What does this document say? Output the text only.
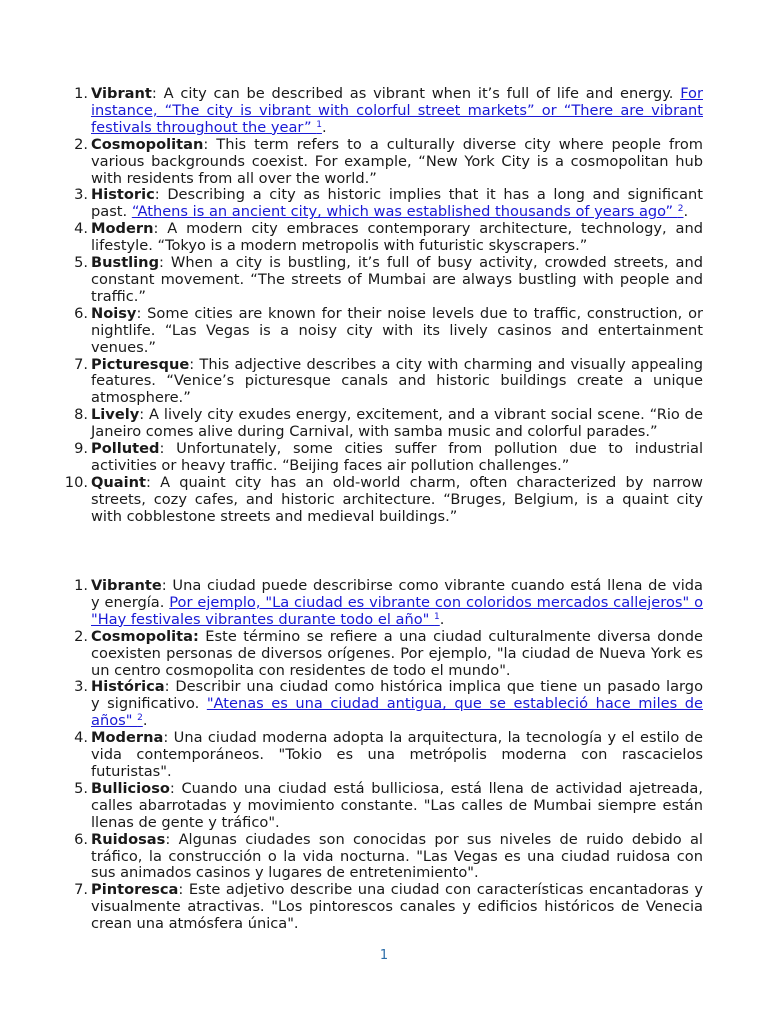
1 . Vibrant: A city can be described as vibrant when it’s full of life and energy. For instance, “The city is vibrant with colorful street markets” or “There are vibrant festivals throughout the year” $^1$.
2 . Cosmopolitan: This term refers to a culturally diverse city where people from various backgrounds coexist. For example, “New York City is a cosmopolitan hub with residents from all over the world.”
3 . Historic: Describing a city as historic implies that it has a long and significant past. “Athens is an ancient city, which was established thousands of years ago” $^2$.
4 . Modern: A modern city embraces contemporary architecture, technology, and lifestyle. “Tokyo is a modern metropolis with futuristic skyscrapers.”
5 . Bustling: When a city is bustling, it’s full of busy activity, crowded streets, and constant movement. “The streets of Mumbai are always bustling with people and traffic.”
6 . Noisy: Some cities are known for their noise levels due to traffic, construction, or nightlife. “Las Vegas is a noisy city with its lively casinos and entertainment venues.”
7 . Picturesque: This adjective describes a city with charming and visually appealing features. “Venice’s picturesque canals and historic buildings create a unique atmosphere.”
8 . Lively: A lively city exudes energy, excitement, and a vibrant social scene. “Rio de Janeiro comes alive during Carnival, with samba music and colorful parades.”
9 . Polluted: Unfortunately, some cities suffer from pollution due to industrial activities or heavy traffic. “Beijing faces air pollution challenges.”
10 . Quaint: A quaint city has an old-world charm, often characterized by narrow streets, cozy cafes, and historic architecture. “Bruges, Belgium, is a quaint city with cobblestone streets and medieval buildings.”
1 . Vibrante: Una ciudad puede describirse como vibrante cuando está llena de vida y energía. Por ejemplo, "La ciudad es vibrante con coloridos mercados callejeros" o "Hay festivales vibrantes durante todo el año" $^1$.
2 . Cosmopolita: Este término se refiere a una ciudad culturalmente diversa donde coexisten personas de diversos orígenes. Por ejemplo, "la ciudad de Nueva York es un centro cosmopolita con residentes de todo el mundo".
3 . Histórica: Describir una ciudad como histórica implica que tiene un pasado largo y significativo. "Atenas es una ciudad antigua, que se estableció hace miles de años" $^2$.
4 . Moderna: Una ciudad moderna adopta la arquitectura, la tecnología y el estilo de vida contemporáneos. "Tokio es una metrópolis moderna con rascacielos futuristas".
5 . Bullicioso: Cuando una ciudad está bulliciosa, está llena de actividad ajetreada, calles abarrotadas y movimiento constante. "Las calles de Mumbai siempre están llenas de gente y tráfico".
6 . Ruidosas: Algunas ciudades son conocidas por sus niveles de ruido debido al tráfico, la construcción o la vida nocturna. "Las Vegas es una ciudad ruidosa con sus animados casinos y lugares de entretenimiento".
7 . Pintoresca: Este adjetivo describe una ciudad con características encantadoras y visualmente atractivas. "Los pintorescos canales y edificios históricos de Venecia crean una atmósfera única".
1
